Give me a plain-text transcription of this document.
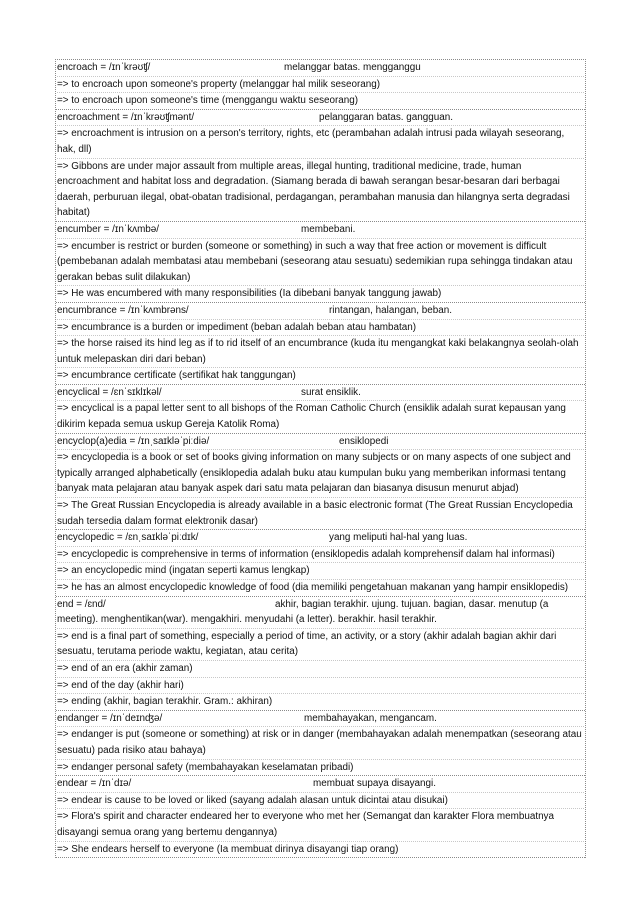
encroach = /ɪnˈkrəʊʧ/	melanggar batas. mengganggu
=> to encroach upon someone's property (melanggar hal milik seseorang)
=> to encroach upon someone's time (menggangu waktu seseorang)
encroachment = /ɪnˈkrəʊʧmənt/	pelanggaran batas. gangguan.
=> encroachment is intrusion on a person's territory, rights, etc (perambahan adalah intrusi pada wilayah seseorang, hak, dll)
=> Gibbons are under major assault from multiple areas, illegal hunting, traditional medicine, trade, human encroachment and habitat loss and degradation. (Siamang berada di bawah serangan besar-besaran dari berbagai daerah, perburuan ilegal, obat-obatan tradisional, perdagangan, perambahan manusia dan hilangnya serta degradasi habitat)
encumber = /ɪnˈkʌmbə/	membebani.
=> encumber is restrict or burden (someone or something) in such a way that free action or movement is difficult (pembebanan adalah membatasi atau membebani (seseorang atau sesuatu) sedemikian rupa sehingga tindakan atau gerakan bebas sulit dilakukan)
=> He was encumbered with many responsibilities (Ia dibebani banyak tanggung jawab)
encumbrance = /ɪnˈkʌmbrəns/	rintangan, halangan, beban.
=> encumbrance is a burden or impediment (beban adalah beban atau hambatan)
=> the horse raised its hind leg as if to rid itself of an encumbrance (kuda itu mengangkat kaki belakangnya seolah-olah untuk melepaskan diri dari beban)
=> encumbrance certificate (sertifikat hak tanggungan)
encyclical = /ɛnˈsɪklɪkəl/	surat ensiklik.
=> encyclical is a papal letter sent to all bishops of the Roman Catholic Church (ensiklik adalah surat kepausan yang dikirim kepada semua uskup Gereja Katolik Roma)
encyclop(a)edia = /ɪnˌsaɪkləˈpiːdiə/	ensiklopedi
=> encyclopedia is a book or set of books giving information on many subjects or on many aspects of one subject and typically arranged alphabetically (ensiklopedia adalah buku atau kumpulan buku yang memberikan informasi tentang banyak mata pelajaran atau banyak aspek dari satu mata pelajaran dan biasanya disusun menurut abjad)
=> The Great Russian Encyclopedia is already available in a basic electronic format (The Great Russian Encyclopedia sudah tersedia dalam format elektronik dasar)
encyclopedic = /ɛnˌsaɪkləˈpiːdɪk/	yang meliputi hal-hal yang luas.
=> encyclopedic is comprehensive in terms of information (ensiklopedis adalah komprehensif dalam hal informasi)
=> an encyclopedic mind (ingatan seperti kamus lengkap)
=> he has an almost encyclopedic knowledge of food (dia memiliki pengetahuan makanan yang hampir ensiklopedis)
end = /ɛnd/	akhir, bagian terakhir. ujung. tujuan. bagian, dasar. menutup (a meeting). menghentikan(war). mengakhiri. menyudahi (a letter). berakhir. hasil terakhir.
=> end is a final part of something, especially a period of time, an activity, or a story (akhir adalah bagian akhir dari sesuatu, terutama periode waktu, kegiatan, atau cerita)
=> end of an era (akhir zaman)
=> end of the day (akhir hari)
=> ending (akhir, bagian terakhir. Gram.: akhiran)
endanger = /ɪnˈdeɪnʤə/	membahayakan, mengancam.
=> endanger is put (someone or something) at risk or in danger (membahayakan adalah menempatkan (seseorang atau sesuatu) pada risiko atau bahaya)
=> endanger personal safety (membahayakan keselamatan pribadi)
endear = /ɪnˈdɪə/	membuat supaya disayangi.
=> endear is cause to be loved or liked (sayang adalah alasan untuk dicintai atau disukai)
=> Flora's spirit and character endeared her to everyone who met her (Semangat dan karakter Flora membuatnya disayangi semua orang yang bertemu dengannya)
=> She endears herself to everyone (Ia membuat dirinya disayangi tiap orang)
